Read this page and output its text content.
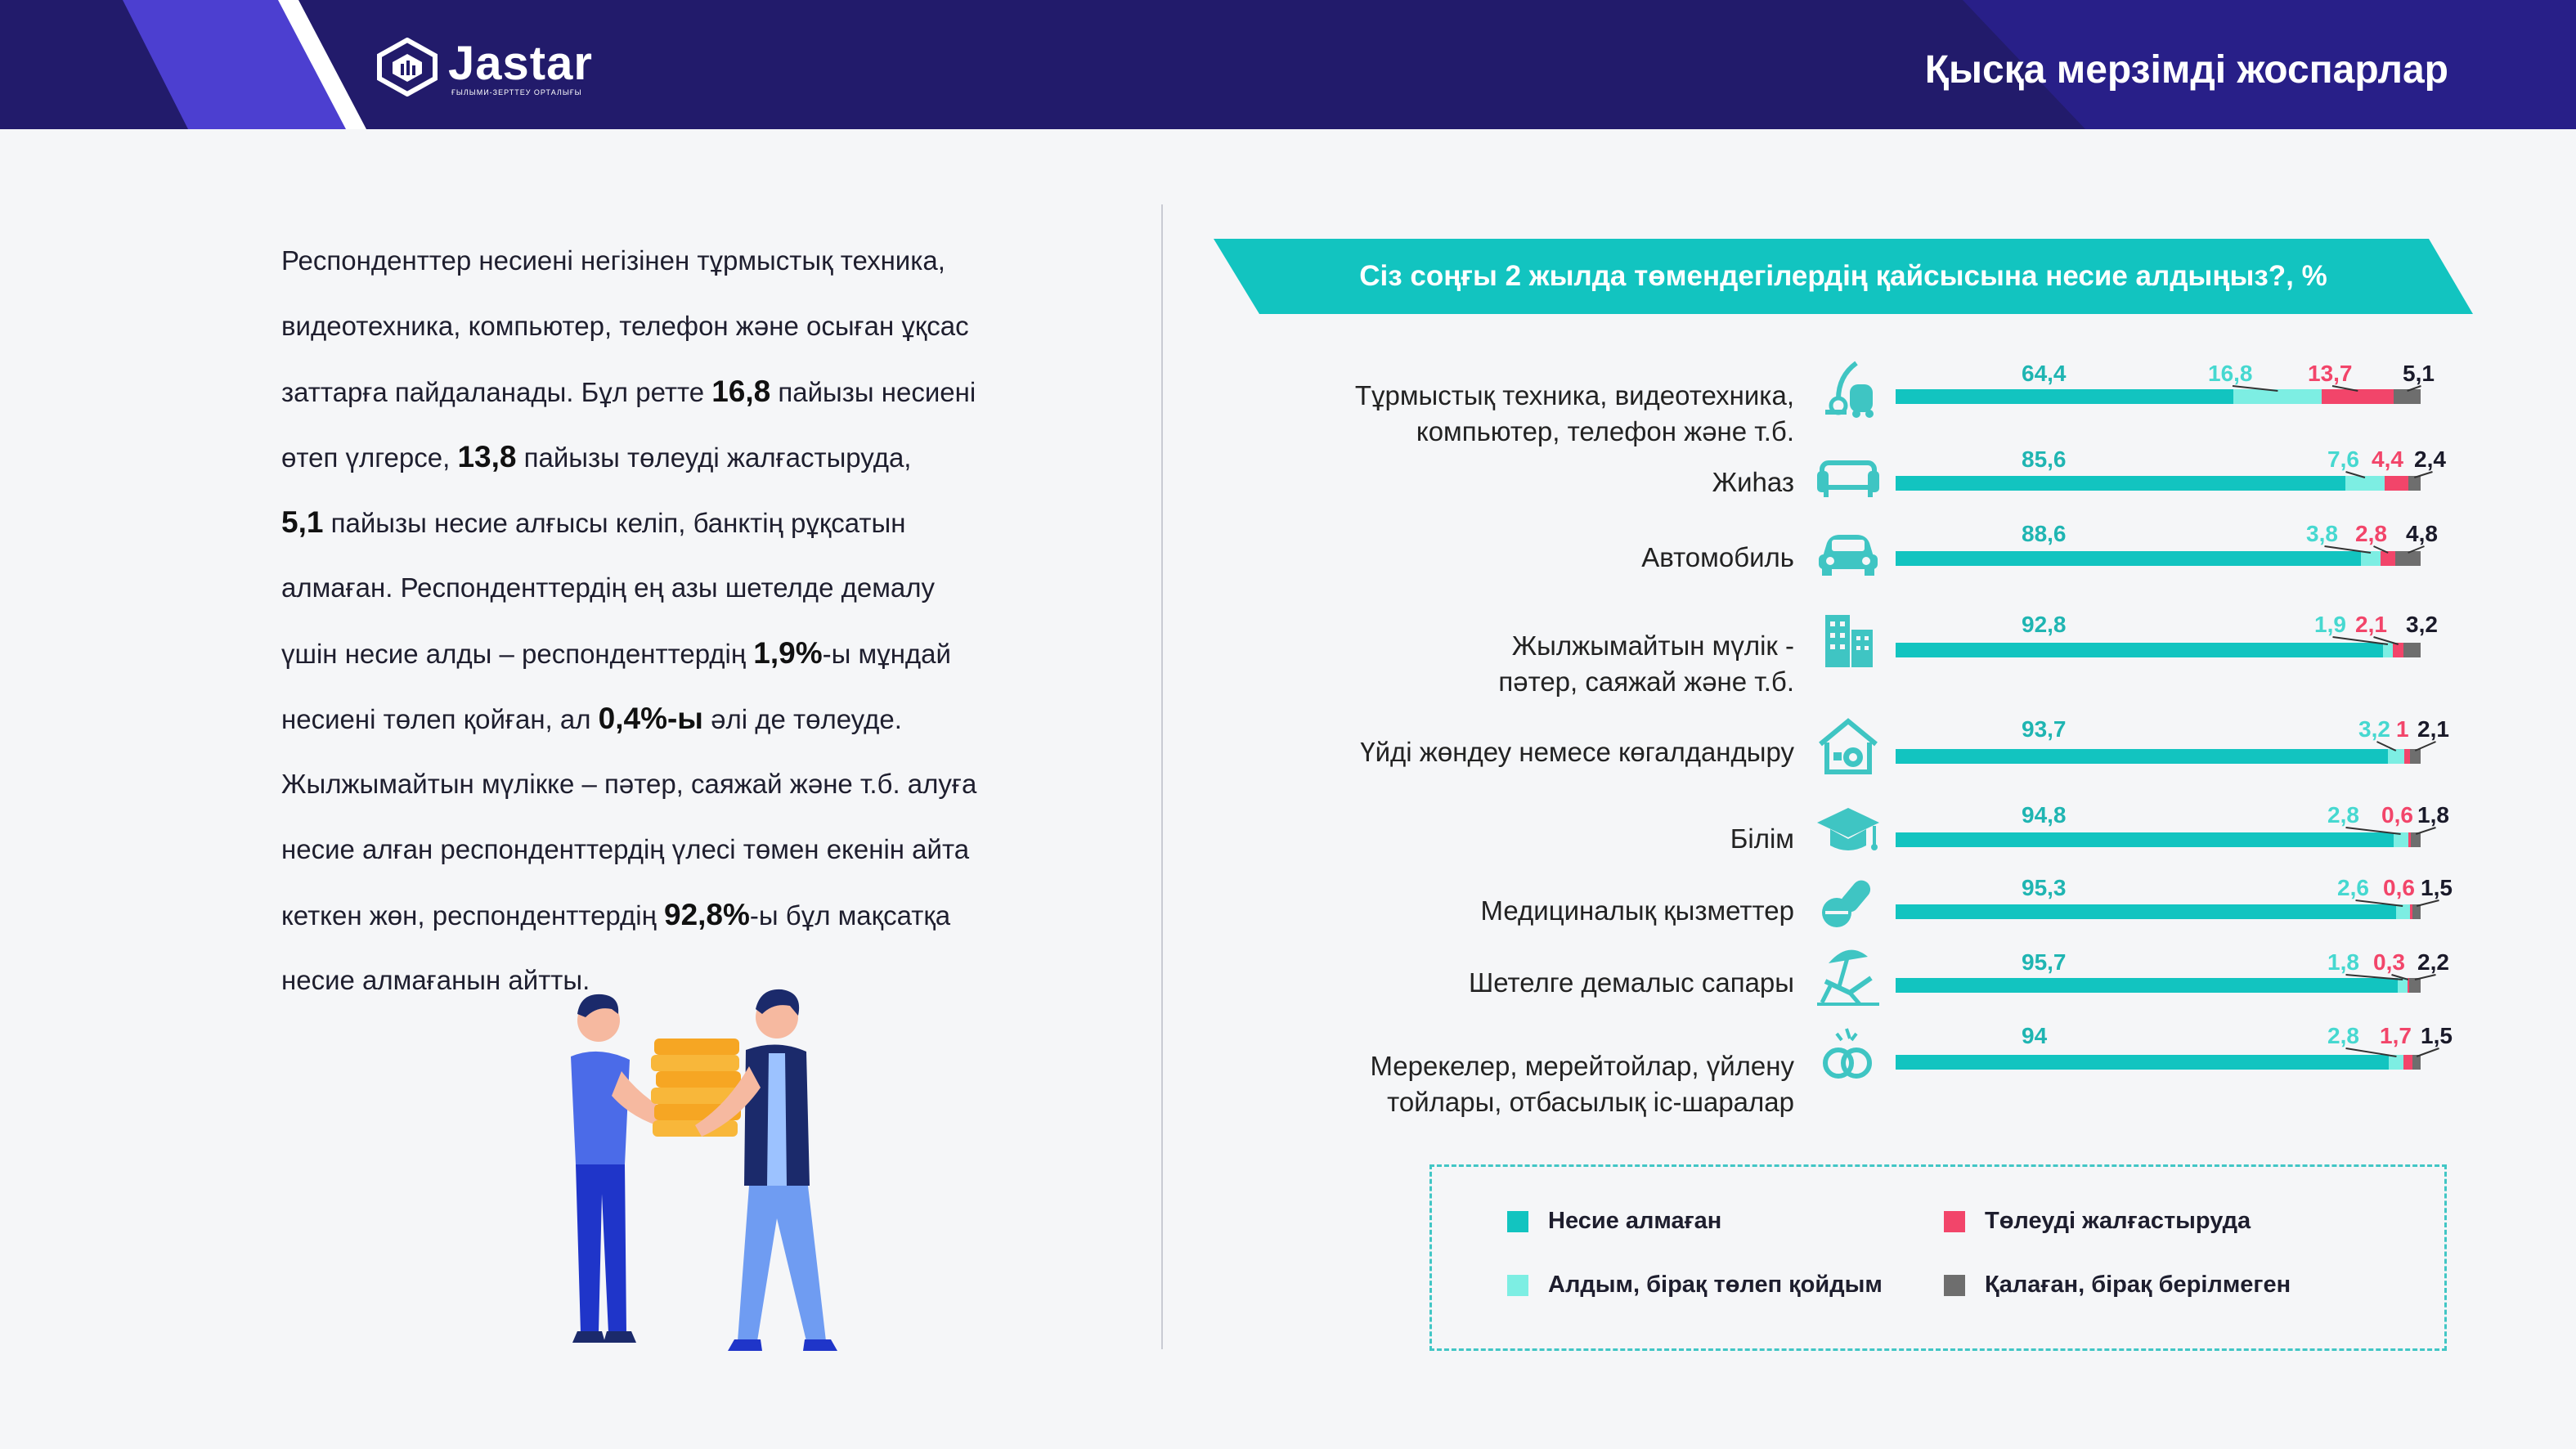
Jastar
ҒЫЛЫМИ-ЗЕРТТЕУ ОРТАЛЫҒЫ
Қысқа мерзімді жоспарлар
Респонденттер несиені негізінен тұрмыстық техника,
видеотехника, компьютер, телефон және осыған ұқсас
заттарға пайдаланады. Бұл ретте 16,8 пайызы несиені
өтеп үлгерсе, 13,8 пайызы төлеуді жалғастыруда,
5,1 пайызы несие алғысы келіп, банктің рұқсатын
алмаған. Респонденттердің ең азы шетелде демалу
үшін несие алды – респонденттердің 1,9%-ы мұндай
несиені төлеп қойған, ал 0,4%-ы әлі де төлеуде.
Жылжымайтын мүлікке – пәтер, саяжай және т.б. алуға
несие алған респонденттердің үлесі төмен екенін айта
кеткен жөн, респонденттердің 92,8%-ы бұл мақсатқа
несие алмағанын айтты.
Сіз соңғы 2 жылда төмендегілердің қайсысына несие алдыңыз?, %
Тұрмыстық техника, видеотехника,
компьютер, телефон және т.б.
64,4	16,8 13,7 5,1
Жиһаз
85,6	7,6 4,4 2,4
Автомобиль
88,6	3,8 2,8 4,8
Жылжымайтын мүлік -
пәтер, саяжай және т.б.
92,8	1,9 2,1 3,2
Үйді жөндеу немесе көгалдандыру
93,7	3,2 1 2,1
Білім
94,8	2,8 0,6 1,8
Медициналық қызметтер
95,3	2,6 0,6 1,5
Шетелге демалыс сапары
95,7	1,8 0,3 2,2
Мерекелер, мерейтойлар, үйлену
тойлары, отбасылық іс-шаралар
94	2,8 1,7 1,5
Несие алмаған	Төлеуді жалғастыруда
Алдым, бірақ төлеп қойдым	Қалаған, бірақ берілмеген
